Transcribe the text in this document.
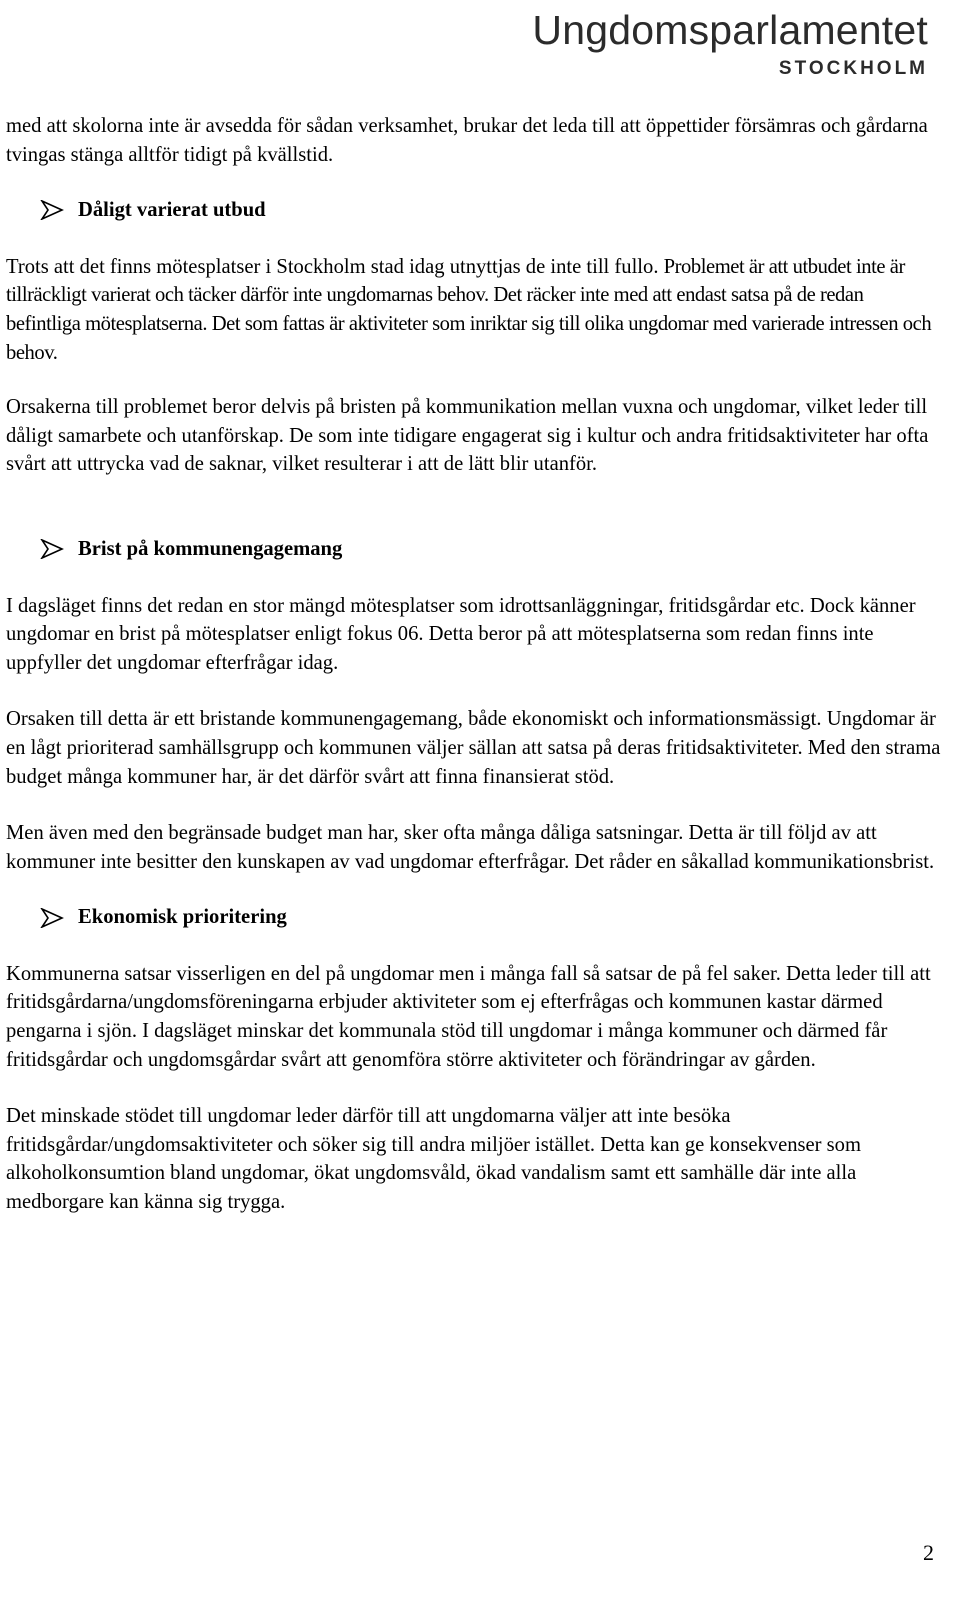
Ungdomsparlamentet
STOCKHOLM

med att skolorna inte är avsedda för sådan verksamhet, brukar det leda till att öppettider försämras och gårdarna tvingas stänga alltför tidigt på kvällstid.

Dåligt varierat utbud

Trots att det finns mötesplatser i Stockholm stad idag utnyttjas de inte till fullo. Problemet är att utbudet inte är tillräckligt varierat och täcker därför inte ungdomarnas behov. Det räcker inte med att endast satsa på de redan befintliga mötesplatserna. Det som fattas är aktiviteter som inriktar sig till olika ungdomar med varierade intressen och behov.

Orsakerna till problemet beror delvis på bristen på kommunikation mellan vuxna och ungdomar, vilket leder till dåligt samarbete och utanförskap. De som inte tidigare engagerat sig i kultur och andra fritidsaktiviteter har ofta svårt att uttrycka vad de saknar, vilket resulterar i att de lätt blir utanför.

Brist på kommunengagemang

I dagsläget finns det redan en stor mängd mötesplatser som idrottsanläggningar, fritidsgårdar etc. Dock känner ungdomar en brist på mötesplatser enligt fokus 06. Detta beror på att mötesplatserna som redan finns inte uppfyller det ungdomar efterfrågar idag.

Orsaken till detta är ett bristande kommunengagemang, både ekonomiskt och informationsmässigt. Ungdomar är en lågt prioriterad samhällsgrupp och kommunen väljer sällan att satsa på deras fritidsaktiviteter. Med den strama budget många kommuner har, är det därför svårt att finna finansierat stöd.

Men även med den begränsade budget man har, sker ofta många dåliga satsningar. Detta är till följd av att kommuner inte besitter den kunskapen av vad ungdomar efterfrågar. Det råder en såkallad kommunikationsbrist.

Ekonomisk prioritering

Kommunerna satsar visserligen en del på ungdomar men i många fall så satsar de på fel saker. Detta leder till att fritidsgårdarna/ungdomsföreningarna erbjuder aktiviteter som ej efterfrågas och kommunen kastar därmed pengarna i sjön. I dagsläget minskar det kommunala stöd till ungdomar i många kommuner och därmed får fritidsgårdar och ungdomsgårdar svårt att genomföra större aktiviteter och förändringar av gården.

Det minskade stödet till ungdomar leder därför till att ungdomarna väljer att inte besöka fritidsgårdar/ungdomsaktiviteter och söker sig till andra miljöer istället. Detta kan ge konsekvenser som alkoholkonsumtion bland ungdomar, ökat ungdomsvåld, ökad vandalism samt ett samhälle där inte alla medborgare kan känna sig trygga.

2
